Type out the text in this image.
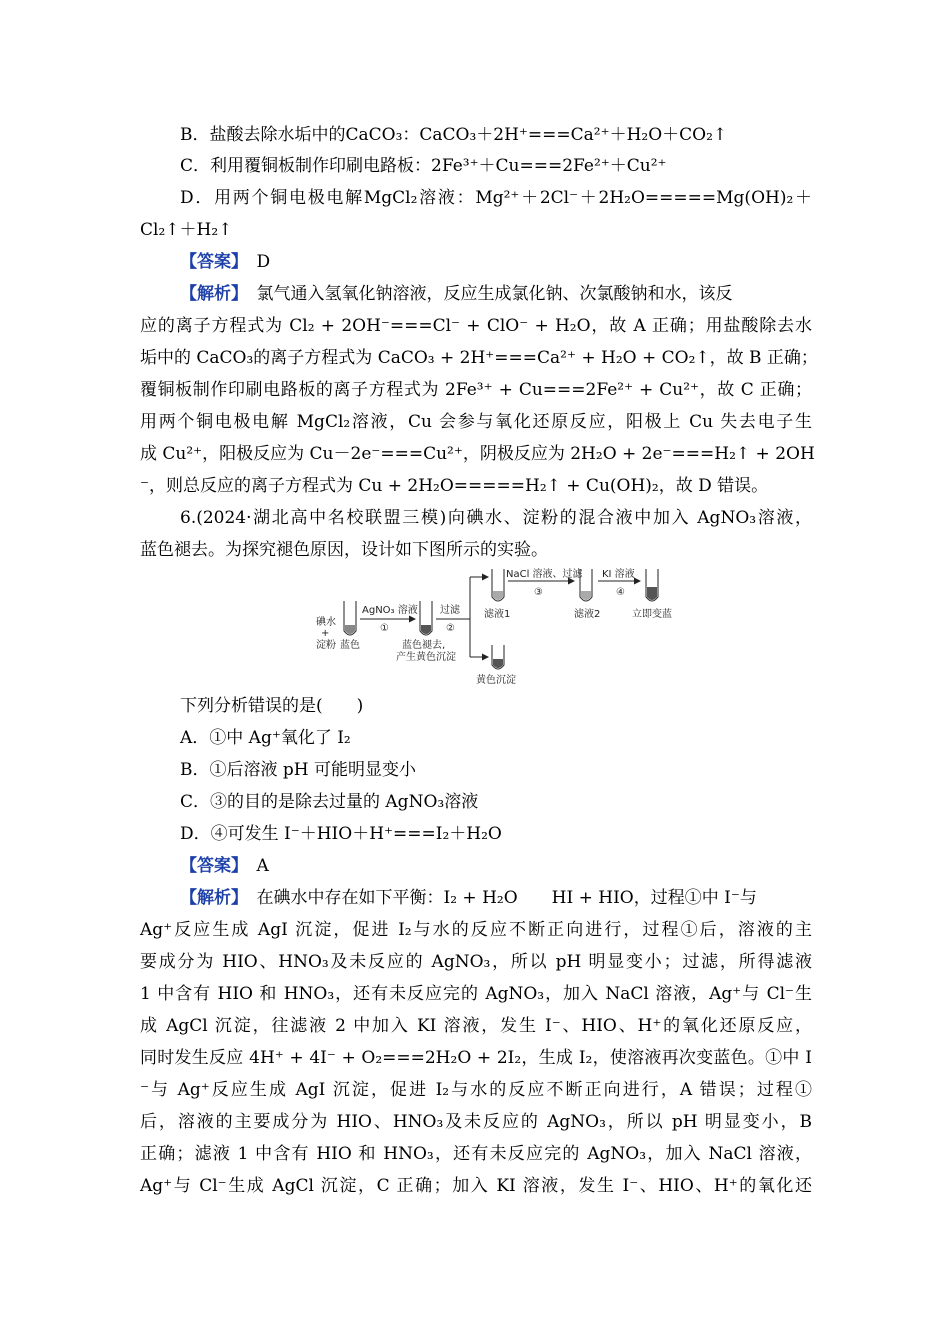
B．盐酸去除水垢中的CaCO₃：CaCO₃＋2H⁺===Ca²⁺＋H₂O＋CO₂↑
C．利用覆铜板制作印刷电路板：2Fe³⁺＋Cu===2Fe²⁺＋Cu²⁺
D．用两个铜电极电解MgCl₂溶液：Mg²⁺＋2Cl⁻＋2H₂O=====Mg(OH)₂＋
Cl₂↑＋H₂↑
【答案】　 D
【解析】　 氯气通入氢氧化钠溶液，反应生成氯化钠、次氯酸钠和水，该反
应的离子方程式为 Cl₂ + 2OH⁻===Cl⁻ + ClO⁻ + H₂O，故 A 正确；用盐酸除去水
垢中的 CaCO₃的离子方程式为 CaCO₃ + 2H⁺===Ca²⁺ + H₂O + CO₂↑，故 B 正确；
覆铜板制作印刷电路板的离子方程式为 2Fe³⁺ + Cu===2Fe²⁺ + Cu²⁺，故 C 正确；
用两个铜电极电解 MgCl₂溶液，Cu 会参与氧化还原反应，阳极上 Cu 失去电子生
成 Cu²⁺，阳极反应为 Cu－2e⁻===Cu²⁺，阴极反应为 2H₂O + 2e⁻===H₂↑ + 2OH
⁻，则总反应的离子方程式为 Cu + 2H₂O=====H₂↑ + Cu(OH)₂，故 D 错误。
6.(2024·湖北高中名校联盟三模)向碘水、淀粉的混合液中加入 AgNO₃溶液，
蓝色褪去。为探究褪色原因，设计如下图所示的实验。
碘水
+
淀粉 蓝色
AgNO₃ 溶液
①
蓝色褪去,
产生黄色沉淀
过滤
②
滤液1
黄色沉淀
NaCl 溶液、过滤
③
滤液2
KI 溶液
④
立即变蓝
下列分析错误的是(　　)
A．①中 Ag⁺氧化了 I₂
B．①后溶液 pH 可能明显变小
C．③的目的是除去过量的 AgNO₃溶液
D．④可发生 I⁻＋HIO＋H⁺===I₂＋H₂O
【答案】　 A
【解析】　 在碘水中存在如下平衡：I₂ + H₂O　　HI + HIO，过程①中 I⁻与
Ag⁺反应生成 AgI 沉淀，促进 I₂与水的反应不断正向进行，过程①后，溶液的主
要成分为 HIO、HNO₃及未反应的 AgNO₃，所以 pH 明显变小；过滤，所得滤液
1 中含有 HIO 和 HNO₃，还有未反应完的 AgNO₃，加入 NaCl 溶液，Ag⁺与 Cl⁻生
成 AgCl 沉淀，往滤液 2 中加入 KI 溶液，发生 I⁻、HIO、H⁺的氧化还原反应，
同时发生反应 4H⁺ + 4I⁻ + O₂===2H₂O + 2I₂，生成 I₂，使溶液再次变蓝色。①中 I
⁻与 Ag⁺反应生成 AgI 沉淀，促进 I₂与水的反应不断正向进行，A 错误；过程①
后，溶液的主要成分为 HIO、HNO₃及未反应的 AgNO₃，所以 pH 明显变小，B
正确；滤液 1 中含有 HIO 和 HNO₃，还有未反应完的 AgNO₃，加入 NaCl 溶液，
Ag⁺与 Cl⁻生成 AgCl 沉淀，C 正确；加入 KI 溶液，发生 I⁻、HIO、H⁺的氧化还
